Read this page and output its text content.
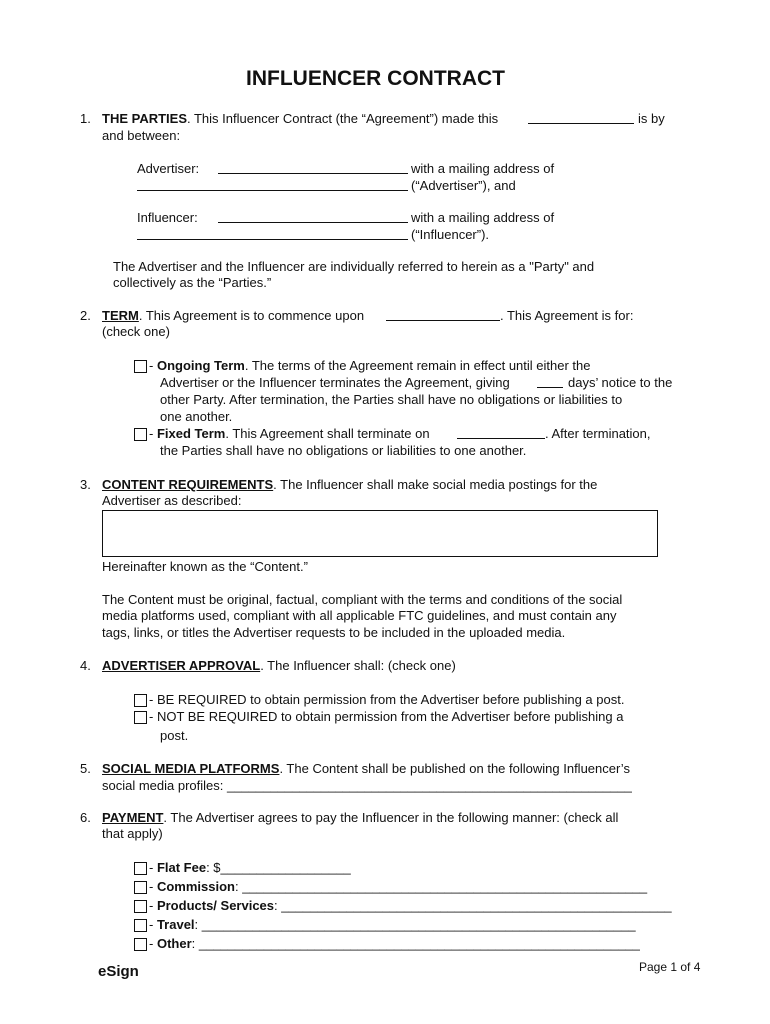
INFLUENCER CONTRACT
1. THE PARTIES. This Influencer Contract (the “Agreement”) made this	is by
and between:
Advertiser:	with a mailing address of
(“Advertiser”), and
Influencer:	with a mailing address of
(“Influencer”).
The Advertiser and the Influencer are individually referred to herein as a "Party" and
collectively as the “Parties.”
2. TERM. This Agreement is to commence upon	. This Agreement is for:
(check one)
- Ongoing Term. The terms of the Agreement remain in effect until either the
Advertiser or the Influencer terminates the Agreement, giving	days’ notice to the
other Party. After termination, the Parties shall have no obligations or liabilities to
one another.
- Fixed Term. This Agreement shall terminate on	. After termination,
the Parties shall have no obligations or liabilities to one another.
3. CONTENT REQUIREMENTS. The Influencer shall make social media postings for the
Advertiser as described:
Hereinafter known as the “Content.”
The Content must be original, factual, compliant with the terms and conditions of the social
media platforms used, compliant with all applicable FTC guidelines, and must contain any
tags, links, or titles the Advertiser requests to be included in the uploaded media.
4. ADVERTISER APPROVAL. The Influencer shall: (check one)
- BE REQUIRED to obtain permission from the Advertiser before publishing a post.
- NOT BE REQUIRED to obtain permission from the Advertiser before publishing a
post.
5. SOCIAL MEDIA PLATFORMS. The Content shall be published on the following Influencer’s
social media profiles: ________________________________________________________
6. PAYMENT. The Advertiser agrees to pay the Influencer in the following manner: (check all
that apply)
- Flat Fee: $__________________
- Commission: ________________________________________________________
- Products/ Services: ______________________________________________________
- Travel: ____________________________________________________________
- Other: _____________________________________________________________
eSign	Page 1 of 4
